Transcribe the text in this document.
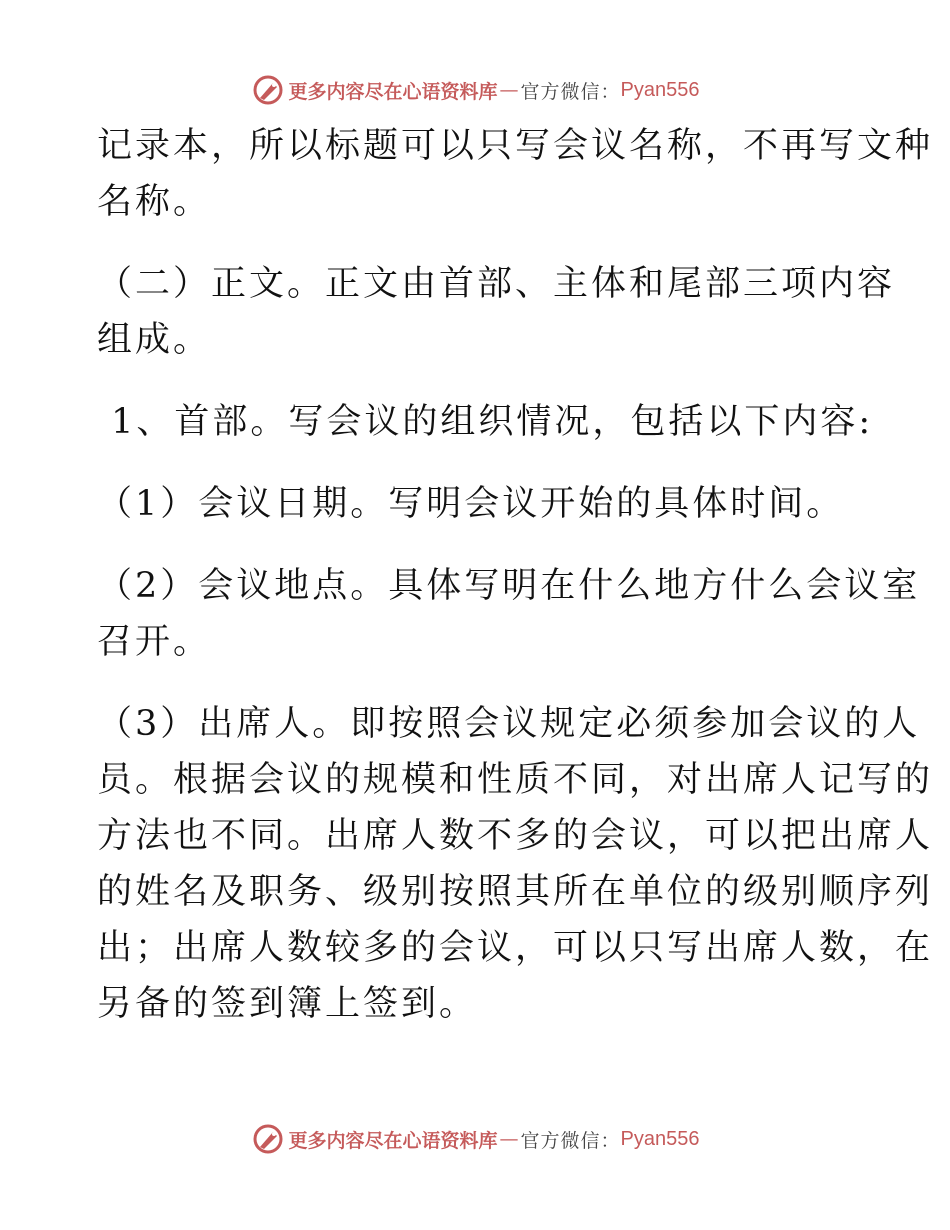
更多内容尽在心语资料库 — 官方微信： Pyan556

记录本，所以标题可以只写会议名称，不再写文种
名称。

（二）正文。正文由首部、主体和尾部三项内容
组成。

1、首部。写会议的组织情况，包括以下内容:

（1）会议日期。写明会议开始的具体时间。

（2）会议地点。具体写明在什么地方什么会议室
召开。

（3）出席人。即按照会议规定必须参加会议的人
员。根据会议的规模和性质不同，对出席人记写的
方法也不同。出席人数不多的会议，可以把出席人
的姓名及职务、级别按照其所在单位的级别顺序列
出；出席人数较多的会议，可以只写出席人数，在
另备的签到簿上签到。

更多内容尽在心语资料库 — 官方微信： Pyan556
